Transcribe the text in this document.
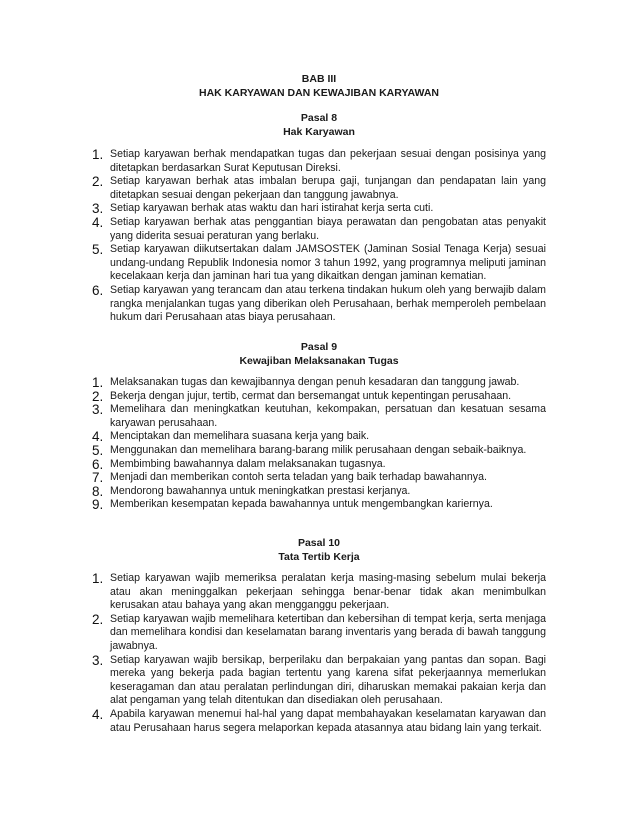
BAB III
HAK KARYAWAN DAN KEWAJIBAN KARYAWAN
Pasal 8
Hak Karyawan
1. Setiap karyawan berhak mendapatkan tugas dan pekerjaan sesuai dengan posisinya yang ditetapkan berdasarkan Surat Keputusan Direksi.
2. Setiap karyawan berhak atas imbalan berupa gaji, tunjangan dan pendapatan lain yang ditetapkan sesuai dengan pekerjaan dan tanggung jawabnya.
3. Setiap karyawan berhak atas waktu dan hari istirahat kerja serta cuti.
4. Setiap karyawan berhak atas penggantian biaya perawatan dan pengobatan atas penyakit yang diderita sesuai peraturan yang berlaku.
5. Setiap karyawan diikutsertakan dalam JAMSOSTEK (Jaminan Sosial Tenaga Kerja) sesuai undang-undang Republik Indonesia nomor 3 tahun 1992, yang programnya meliputi jaminan kecelakaan kerja dan jaminan hari tua yang dikaitkan dengan jaminan kematian.
6. Setiap karyawan yang terancam dan atau terkena tindakan hukum oleh yang berwajib dalam rangka menjalankan tugas yang diberikan oleh Perusahaan, berhak memperoleh pembelaan hukum dari Perusahaan atas biaya perusahaan.
Pasal 9
Kewajiban Melaksanakan Tugas
1. Melaksanakan tugas dan kewajibannya dengan penuh kesadaran dan tanggung jawab.
2. Bekerja dengan jujur, tertib, cermat dan bersemangat untuk kepentingan perusahaan.
3. Memelihara dan meningkatkan keutuhan, kekompakan, persatuan dan kesatuan sesama karyawan perusahaan.
4. Menciptakan dan memelihara suasana kerja yang baik.
5. Menggunakan dan memelihara barang-barang milik perusahaan dengan sebaik-baiknya.
6. Membimbing bawahannya dalam melaksanakan tugasnya.
7. Menjadi dan memberikan contoh serta teladan yang baik terhadap bawahannya.
8. Mendorong bawahannya untuk meningkatkan prestasi kerjanya.
9. Memberikan kesempatan kepada bawahannya untuk mengembangkan kariernya.
Pasal 10
Tata Tertib Kerja
1. Setiap karyawan wajib memeriksa peralatan kerja masing-masing sebelum mulai bekerja atau akan meninggalkan pekerjaan sehingga benar-benar tidak akan menimbulkan kerusakan atau bahaya yang akan mengganggu pekerjaan.
2. Setiap karyawan wajib memelihara ketertiban dan kebersihan di tempat kerja, serta menjaga dan memelihara kondisi dan keselamatan barang inventaris yang berada di bawah tanggung jawabnya.
3. Setiap karyawan wajib bersikap, berperilaku dan berpakaian yang pantas dan sopan. Bagi mereka yang bekerja pada bagian tertentu yang karena sifat pekerjaannya memerlukan keseragaman dan atau peralatan perlindungan diri, diharuskan memakai pakaian kerja dan alat pengaman yang telah ditentukan dan disediakan oleh perusahaan.
4. Apabila karyawan menemui hal-hal yang dapat membahayakan keselamatan karyawan dan atau Perusahaan harus segera melaporkan kepada atasannya atau bidang lain yang terkait.
